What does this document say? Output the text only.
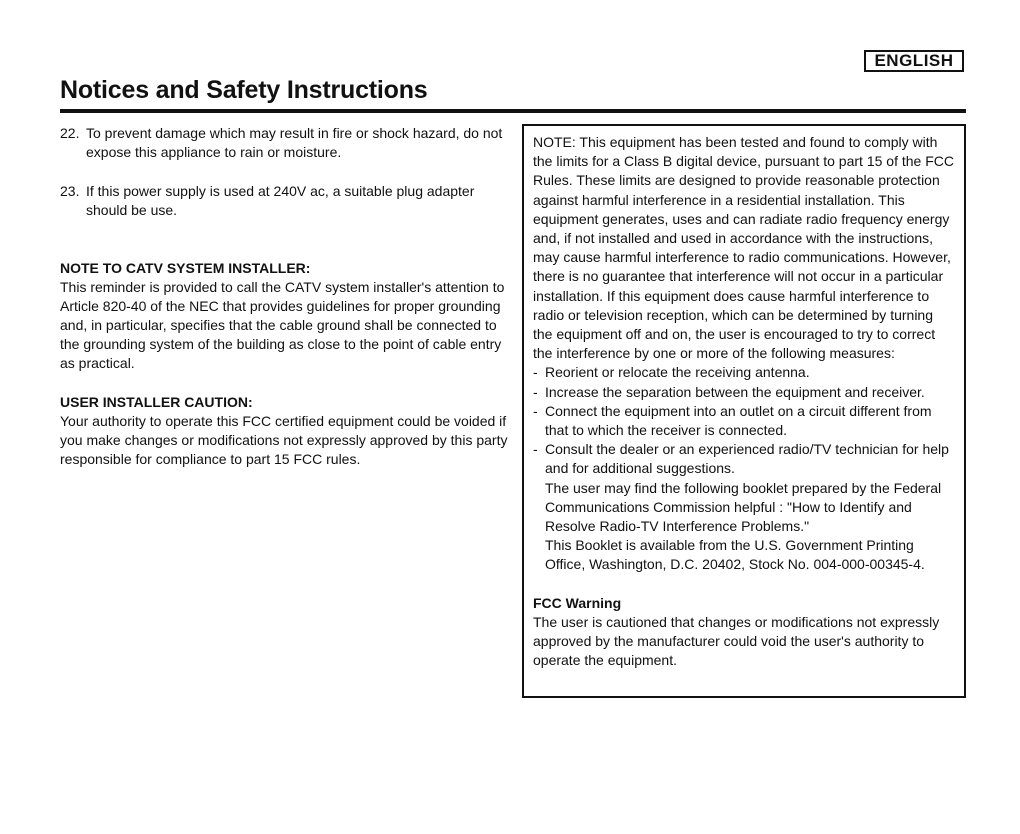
ENGLISH
Notices and Safety Instructions
22. To prevent damage which may result in fire or shock hazard, do not expose this appliance to rain or moisture.
23. If this power supply is used at 240V ac, a suitable plug adapter should be use.

NOTE TO CATV SYSTEM INSTALLER:

This reminder is provided to call the CATV system installer's attention to Article 820-40 of the NEC that provides guidelines for proper grounding and, in particular, specifies that the cable ground shall be connected to the grounding system of the building as close to the point of cable entry as practical.

USER INSTALLER CAUTION:

Your authority to operate this FCC certified equipment could be voided if you make changes or modifications not expressly approved by this party responsible for compliance to part 15 FCC rules.

NOTE: This equipment has been tested and found to comply with the limits for a Class B digital device, pursuant to part 15 of the FCC Rules. These limits are designed to provide reasonable protection against harmful interference in a residential installation. This equipment generates, uses and can radiate radio frequency energy and, if not installed and used in accordance with the instructions, may cause harmful interference to radio communications. However, there is no guarantee that interference will not occur in a particular installation. If this equipment does cause harmful interference to radio or television reception, which can be determined by turning the equipment off and on, the user is encouraged to try to correct the interference by one or more of the following measures:

- Reorient or relocate the receiving antenna.
- Increase the separation between the equipment and receiver.
- Connect the equipment into an outlet on a circuit different from that to which the receiver is connected.
- Consult the dealer or an experienced radio/TV technician for help and for additional suggestions.

The user may find the following booklet prepared by the Federal Communications Commission helpful : "How to Identify and Resolve Radio-TV Interference Problems."

This Booklet is available from the U.S. Government Printing Office, Washington, D.C. 20402, Stock No. 004-000-00345-4.

FCC Warning

The user is cautioned that changes or modifications not expressly approved by the manufacturer could void the user's authority to operate the equipment.
